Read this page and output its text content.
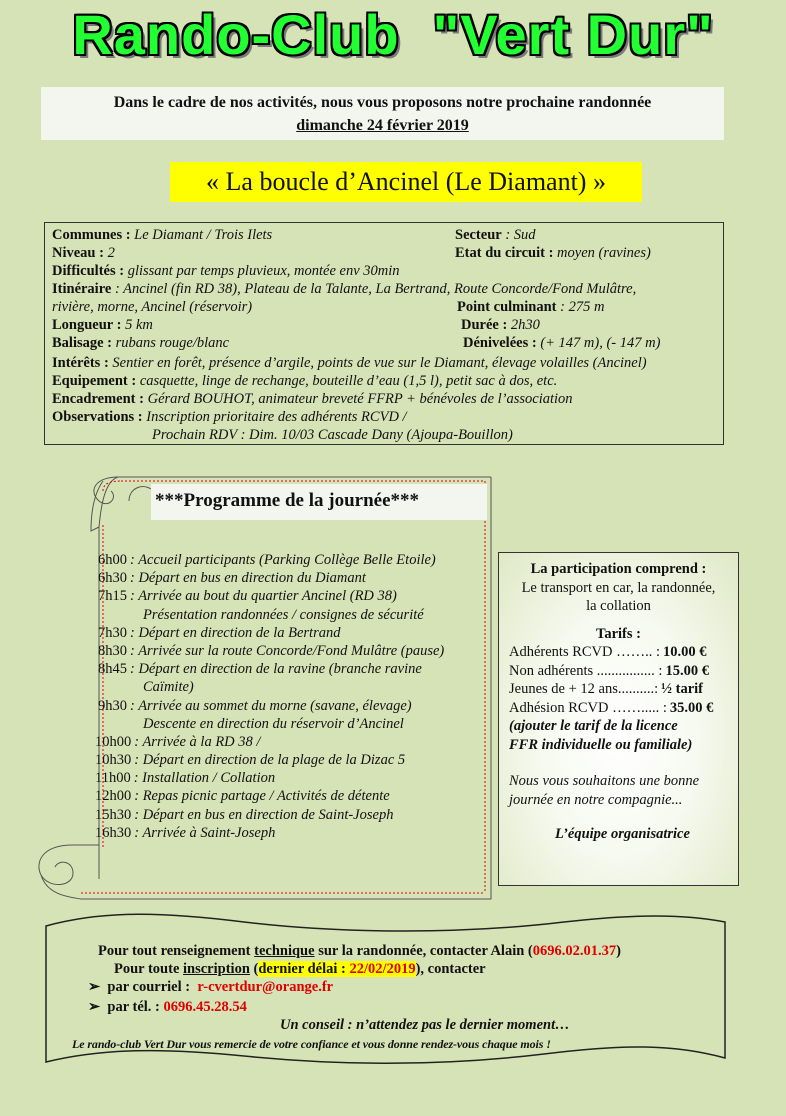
Rando-Club  "Vert Dur"
Dans le cadre de nos activités, nous vous proposons notre prochaine randonnée
dimanche 24 février 2019
« La boucle d’Ancinel (Le Diamant) »
Communes : Le Diamant / Trois Ilets	Secteur : Sud
Niveau : 2	Etat du circuit : moyen (ravines)
Difficultés : glissant par temps pluvieux, montée env 30min
Itinéraire : Ancinel (fin RD 38), Plateau de la Talante, La Bertrand, Route Concorde/Fond Mulâtre,
rivière, morne, Ancinel (réservoir)	Point culminant : 275 m
Longueur : 5 km	Durée : 2h30
Balisage : rubans rouge/blanc	Dénivelées : (+ 147 m), (- 147 m)
Intérêts : Sentier en forêt, présence d’argile, points de vue sur le Diamant, élevage volailles (Ancinel)
Equipement : casquette, linge de rechange, bouteille d’eau (1,5 l), petit sac à dos, etc.
Encadrement : Gérard BOUHOT, animateur breveté FFRP + bénévoles de l’association
Observations : Inscription prioritaire des adhérents RCVD /
Prochain RDV : Dim. 10/03 Cascade Dany (Ajoupa-Bouillon)
***Programme de la journée***
6h00 : Accueil participants (Parking Collège Belle Etoile)
6h30 : Départ en bus en direction du Diamant
7h15 : Arrivée au bout du quartier Ancinel (RD 38)
Présentation randonnées / consignes de sécurité
7h30 : Départ en direction de la Bertrand
8h30 : Arrivée sur la route Concorde/Fond Mulâtre (pause)
8h45 : Départ en direction de la ravine (branche ravine
Caïmite)
9h30 : Arrivée au sommet du morne (savane, élevage)
Descente en direction du réservoir d’Ancinel
10h00 : Arrivée à la RD 38 /
10h30 : Départ en direction de la plage de la Dizac 5
11h00 : Installation / Collation
12h00 : Repas picnic partage / Activités de détente
15h30 : Départ en bus en direction de Saint-Joseph
16h30 : Arrivée à Saint-Joseph
La participation comprend :
Le transport en car, la randonnée,
la collation
Tarifs :
Adhérents RCVD …….. : 10.00 €
Non adhérents ................ : 15.00 €
Jeunes de + 12 ans..........: ½ tarif
Adhésion RCVD ……..... : 35.00 €
(ajouter le tarif de la licence
FFR individuelle ou familiale)
Nous vous souhaitons une bonne
journée en notre compagnie...
L’équipe organisatrice
Pour tout renseignement technique sur la randonnée, contacter Alain (0696.02.01.37)
Pour toute inscription (dernier délai : 22/02/2019), contacter
➢ par courriel : r-cvertdur@orange.fr
➢ par tél. : 0696.45.28.54
Un conseil : n’attendez pas le dernier moment…
Le rando-club Vert Dur vous remercie de votre confiance et vous donne rendez-vous chaque mois !
